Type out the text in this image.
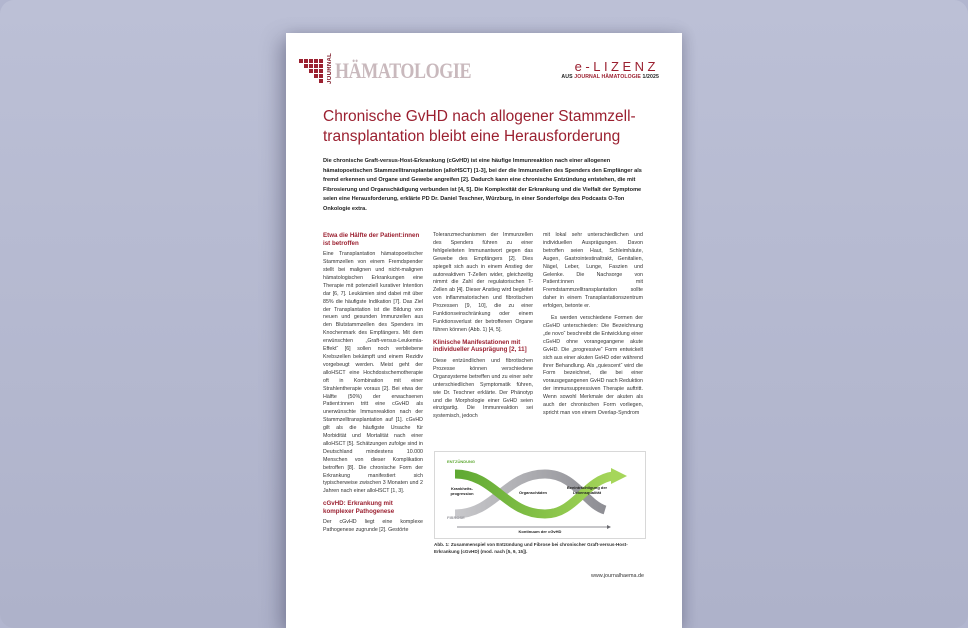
JOURNAL HÄMATOLOGIE	e-LIZENZ
AUS JOURNAL HÄMATOLOGIE 1/2025
Chronische GvHD nach allogener Stammzell-transplantation bleibt eine Herausforderung
Die chronische Graft-versus-Host-Erkrankung (cGvHD) ist eine häufige Immunreaktion nach einer allogenen hämatopoetischen Stammzelltransplantation (alloHSCT) [1-3], bei der die Immunzellen des Spenders den Empfänger als fremd erkennen und Organe und Gewebe angreifen [2]. Dadurch kann eine chronische Entzündung entstehen, die mit Fibrosierung und Organschädigung verbunden ist [4, 5]. Die Komplexität der Erkrankung und die Vielfalt der Symptome seien eine Herausforderung, erklärte PD Dr. Daniel Teschner, Würzburg, in einer Sonderfolge des Podcasts O-Ton Onkologie extra.
Etwa die Hälfte der Patient:innen ist betroffen

Eine Transplantation hämatopoetischer Stammzellen von einem Fremdspender stellt bei malignen und nicht-malignen hämatologischen Erkrankungen eine Therapie mit potenziell kurativer Intention dar [6, 7]. Leukämien sind dabei mit über 85% die häufigste Indikation [7]. Das Ziel der Transplantation ist die Bildung von neuen und gesunden Immunzellen aus den Blutstammzellen des Spenders im Knochenmark des Empfängers. Mit dem erwünschten „Graft-versus-Leukemia-Effekt“ [6] sollen noch verbliebene Krebszellen bekämpft und einem Rezidiv vorgebeugt werden. Meist geht der alloHSCT eine Hochdosischemotherapie oft in Kombination mit einer Strahlentherapie voraus [2]. Bei etwa der Hälfte (50%) der erwachsenen Patient:innen tritt eine cGvHD als unerwünschte Immunreaktion nach der Stammzelltransplantation auf [1]. cGvHD gilt als die häufigste Ursache für Morbidität und Mortalität nach einer alloHSCT [5]. Schätzungen zufolge sind in Deutschland mindestens 10.000 Menschen von dieser Komplikation betroffen [8]. Die chronische Form der Erkrankung manifestiert sich typischerweise zwischen 3 Monaten und 2 Jahren nach einer alloHSCT [1, 3].

cGvHD: Erkrankung mit komplexer Pathogenese

Der cGvHD liegt eine komplexe Pathogenese zugrunde [2]. Gestörte

Toleranzmechanismen der Immunzellen des Spenders führen zu einer fehlgeleiteten Immunantwort gegen das Gewebe des Empfängers [2]. Dies spiegelt sich auch in einem Anstieg der autoreaktiven T-Zellen wider, gleichzeitig nimmt die Zahl der regulatorischen T-Zellen ab [4]. Dieser Anstieg wird begleitet von inflammatorischen und fibrotischen Prozessen [9, 10], die zu einer Funktionseinschränkung oder einem Funktionsverlust der betroffenen Organe führen können (Abb. 1) [4, 5].

Klinische Manifestationen mit individueller Ausprägung [2, 11]

Diese entzündlichen und fibrotischen Prozesse können verschiedene Organsysteme betreffen und zu einer sehr unterschiedlichen Symptomatik führen, wie Dr. Teschner erklärte. Der Phänotyp und die Morphologie einer GvHD seien einzigartig. Die Immunreaktion sei systemisch, jedoch

mit lokal sehr unterschiedlichen und individuellen Ausprägungen. Davon betroffen seien Haut, Schleimhäute, Augen, Gastrointestinaltrakt, Genitalien, Nägel, Leber, Lunge, Faszien und Gelenke. Die Nachsorge von Patient:innen mit Fremdstammzelltransplantation sollte daher in einem Transplantationszentrum erfolgen, betonte er.

Es werden verschiedene Formen der cGvHD unterschieden: Die Bezeichnung „de novo“ beschreibt die Entwicklung einer cGvHD ohne vorangegangene akute GvHD. Die „progressive“ Form entwickelt sich aus einer akuten GvHD oder während ihrer Behandlung. Als „quiescent“ wird die Form bezeichnet, die bei einer vorausgegangenen GvHD nach Reduktion der immunsuppressiven Therapie auftritt. Wenn sowohl Merkmale der akuten als auch der chronischen Form vorliegen, spricht man von einem Overlap-Syndrom

ENTZÜNDUNG
FIBROSE
Krankheits-progression	Organschäden
Beeinträchtigung der Lebensqualität
Kontinuum der cGvHD
Abb. 1: Zusammenspiel von Entzündung und Fibrose bei chronischer Graft-versus-Host-Erkrankung (cGvHD) (mod. nach [5, 9, 15]).
www.journalhaema.de
